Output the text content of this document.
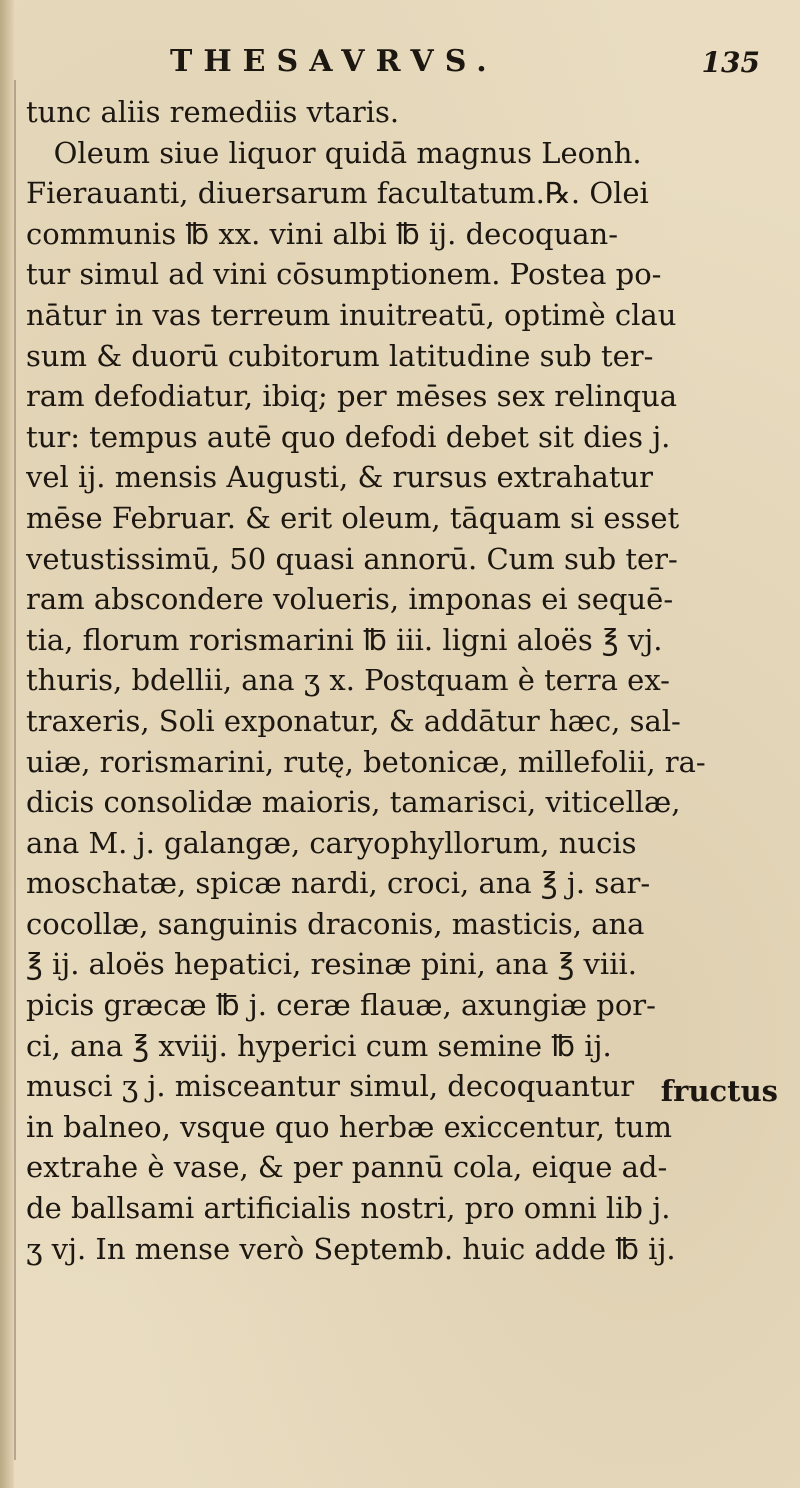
THESAVRVS.	135
tunc aliis remediis vtaris.
Oleum siue liquor quidā magnus Leonh.
Fierauanti, diuersarum facultatum.℞. Olei
communis ℔ xx. vini albi ℔ ij. decoquan-
tur simul ad vini cōsumptionem. Postea po-
nātur in vas terreum inuitreatū, optimè clau
sum & duorū cubitorum latitudine sub ter-
ram defodiatur, ibiq; per mēses sex relinqua
tur: tempus autē quo defodi debet sit dies j.
vel ij. mensis Augusti, & rursus extrahatur
mēse Februar. & erit oleum, tāquam si esset
vetustissimū, 50 quasi annorū. Cum sub ter-
ram abscondere volueris, imponas ei sequē-
tia, florum rorismarini ℔ iii. ligni aloës ℥ vj.
thuris, bdellii, ana ʒ x. Postquam è terra ex-
traxeris, Soli exponatur, & addātur hæc, sal-
uiæ, rorismarini, rutę, betonicæ, millefolii, ra-
dicis consolidæ maioris, tamarisci, viticellæ,
ana M. j. galangæ, caryophyllorum, nucis
moschatæ, spicæ nardi, croci, ana ℥ j. sar-
cocollæ, sanguinis draconis, masticis, ana
℥ ij. aloës hepatici, resinæ pini, ana ℥ viii.
picis græcæ ℔ j. ceræ flauæ, axungiæ por-
ci, ana ℥ xviij. hyperici cum semine ℔ ij.
musci ʒ j. misceantur simul, decoquantur
in balneo, vsque quo herbæ exiccentur, tum
extrahe è vase, & per pannū cola, eique ad-
de ballsami artificialis nostri, pro omni lib j.
ʒ vj. In mense verò Septemb. huic adde ℔ ij.
fructus
